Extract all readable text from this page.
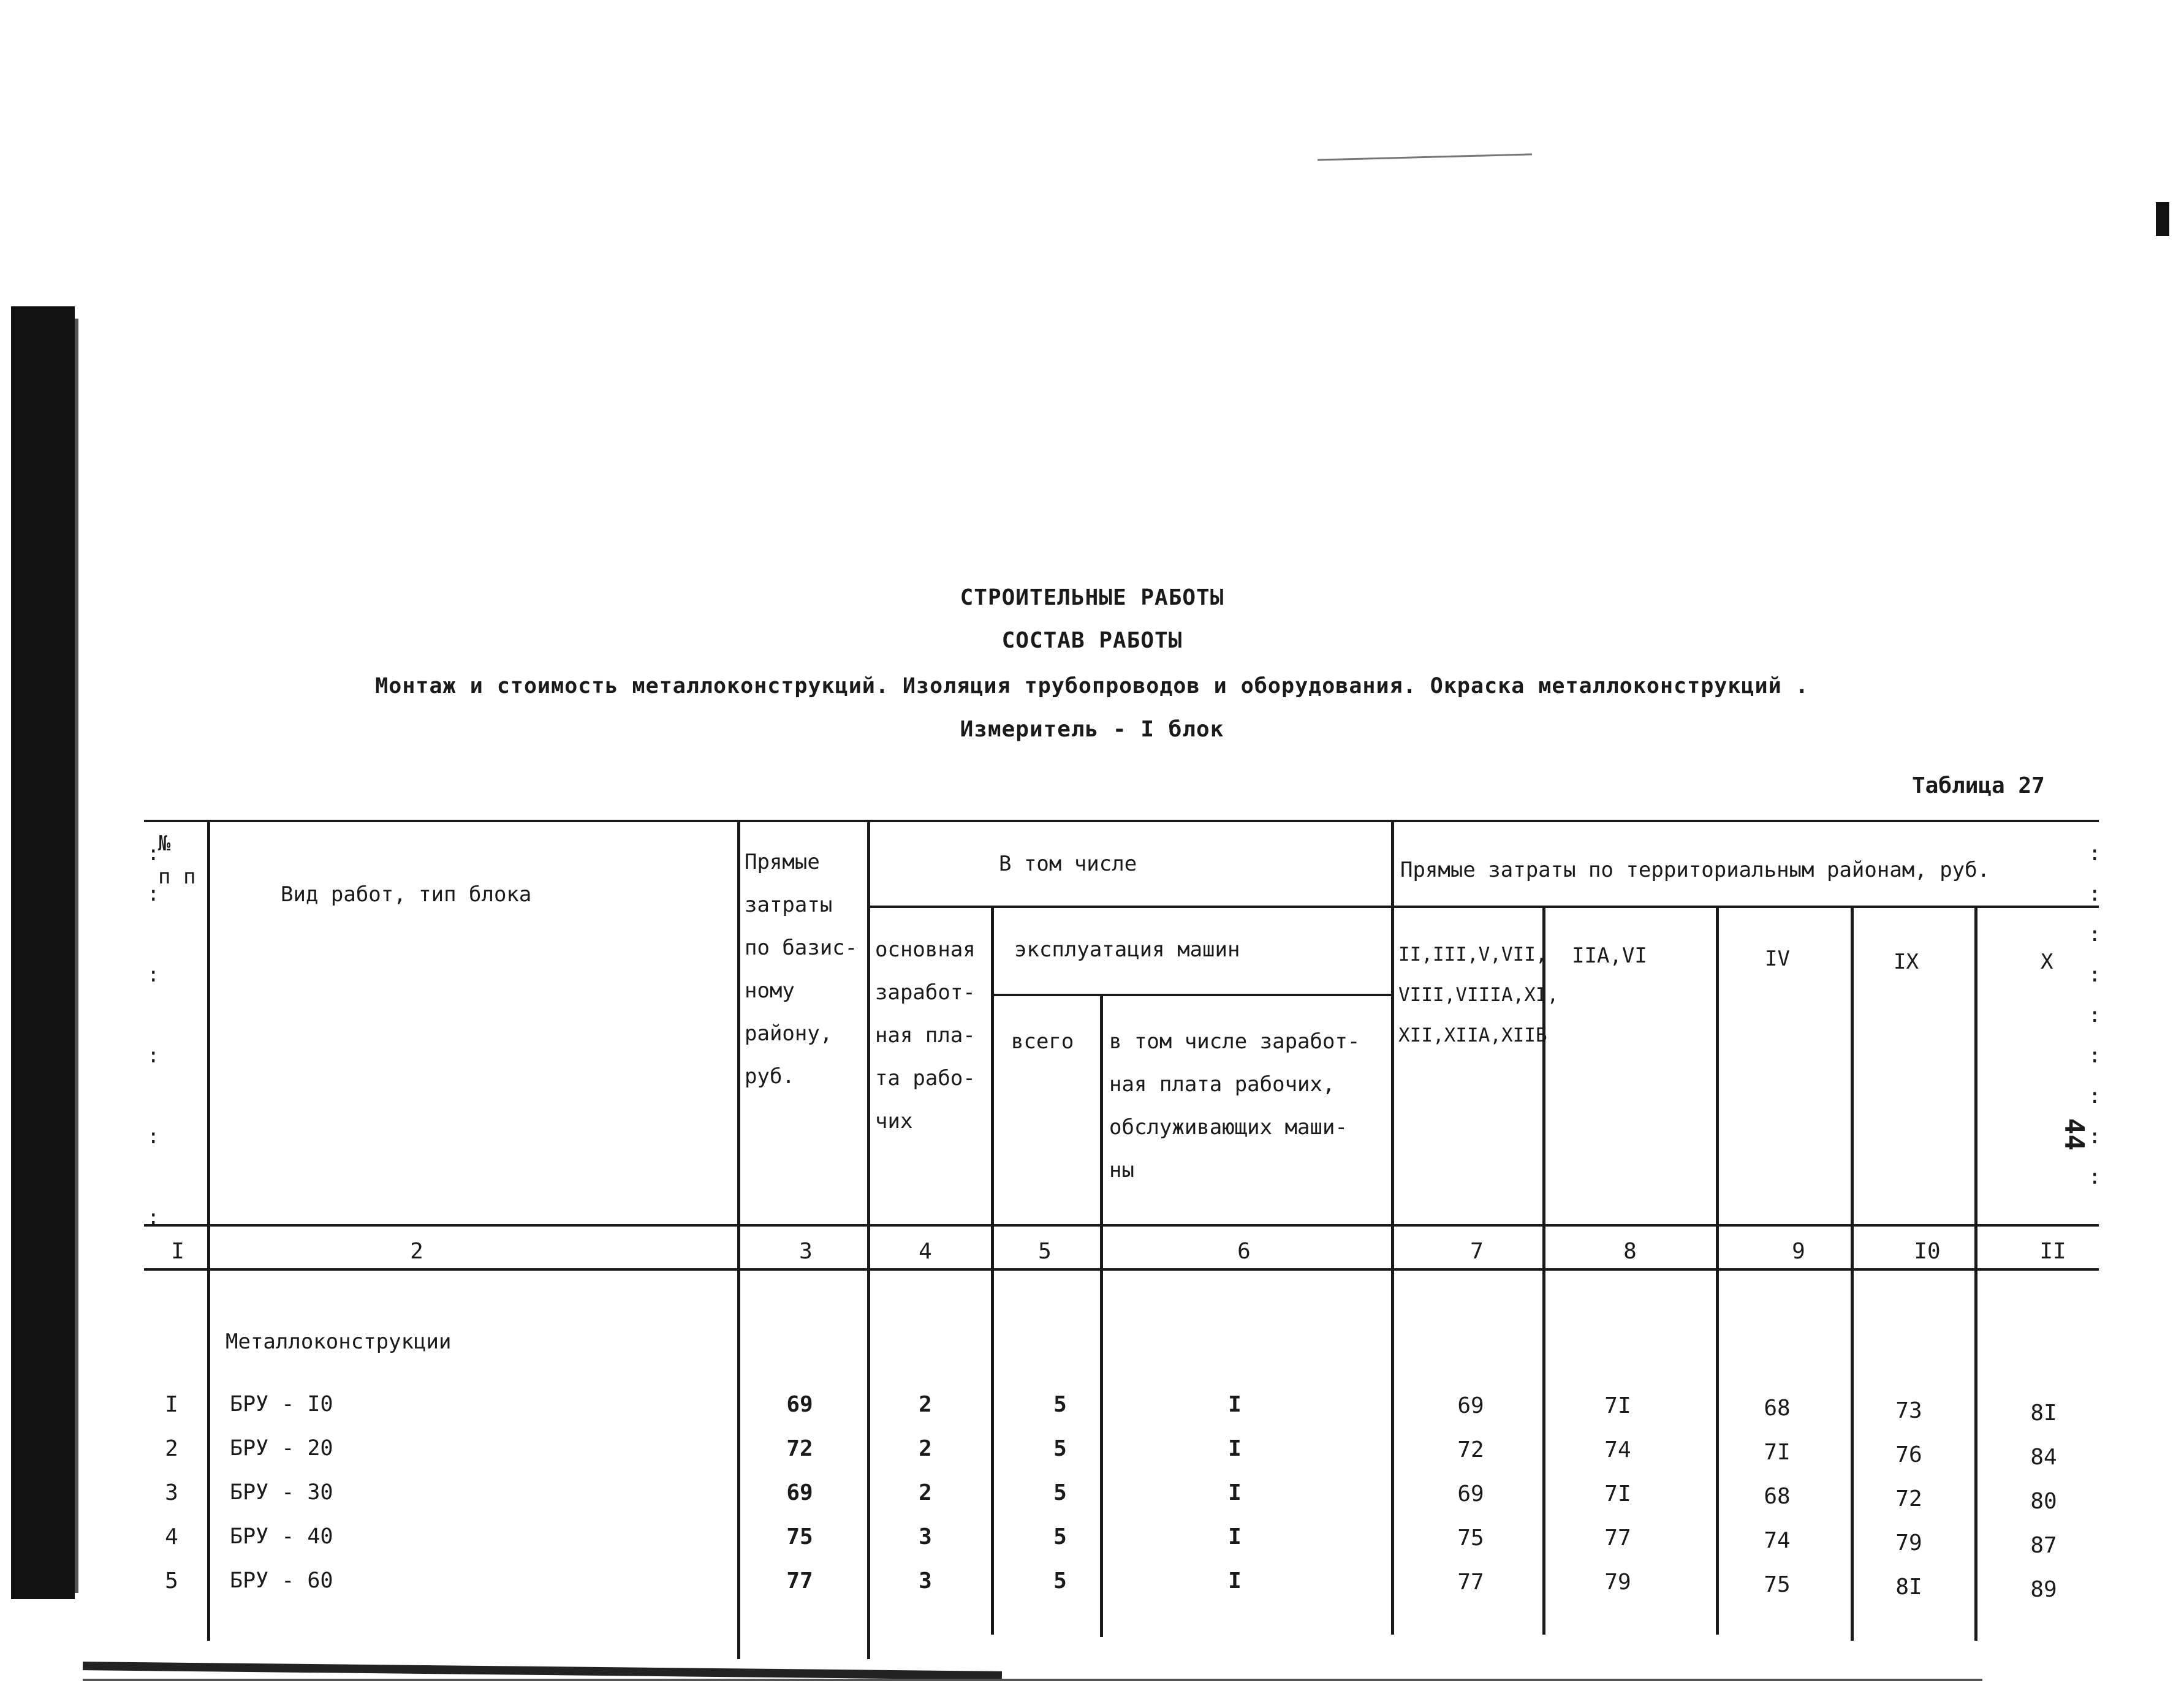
СТРОИТЕЛЬНЫЕ РАБОТЫ
СОСТАВ РАБОТЫ
Монтаж и стоимость металлоконструкций. Изоляция трубопроводов и оборудования. Окраска металлоконструкций .
Измеритель - I блок
Таблица 27
44
:
:

:

:

:

:
:
:
:
:
:
:
:
:
:
№
п п
Вид работ, тип блока
Прямые
затраты
по базис-
ному
району,
руб.
В том числе
основная
заработ-
ная пла-
та рабо-
чих
эксплуатация машин
всего в том числе заработ-
ная плата рабочих,
обслуживающих маши-
ны
Прямые затраты по территориальным районам, руб.
II,III,V,VII,
VIII,VIIIА,XI,
XII,XIIА,XIIБ
IIА,VI	IV	IX	X
I	2	3	4	5	6	7	8	9	I0	II
Металлоконструкции
I	БРУ - I0	69	2	5	I	69	7I	68	73	8I
2	БРУ - 20	72	2	5	I	72	74	7I	76	84
3	БРУ - 30	69	2	5	I	69	7I	68	72	80
4	БРУ - 40	75	3	5	I	75	77	74	79	87
5	БРУ - 60	77	3	5	I	77	79	75	8I	89
